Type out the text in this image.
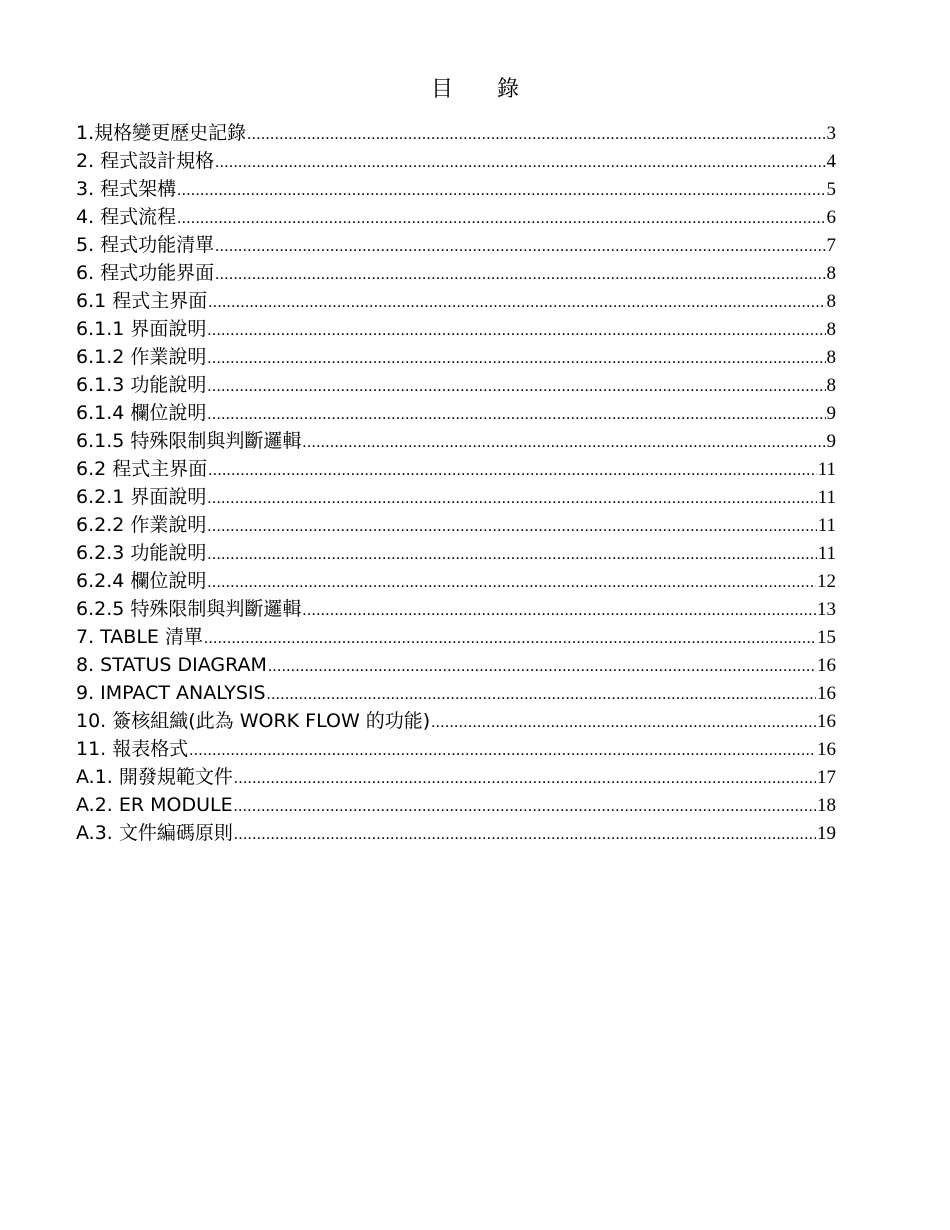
目　　錄
1.規格變更歷史記錄 .....	3
2. 程式設計規格 .....	4
3. 程式架構 .....	5
4. 程式流程 .....	6
5. 程式功能清單 .....	7
6. 程式功能界面 .....	8
6.1 程式主界面 .....	8
6.1.1 界面說明 .....	8
6.1.2 作業說明 .....	8
6.1.3 功能說明 .....	8
6.1.4 欄位說明 .....	9
6.1.5 特殊限制與判斷邏輯 .....	9
6.2 程式主界面 .....	11
6.2.1 界面說明 .....	11
6.2.2 作業說明 .....	11
6.2.3 功能說明 .....	11
6.2.4 欄位說明 .....	12
6.2.5 特殊限制與判斷邏輯 .....	13
7. TABLE 清單 .....	15
8. STATUS DIAGRAM .....	16
9. IMPACT ANALYSIS .....	16
10. 簽核組織(此為 WORK FLOW 的功能) .....	16
11. 報表格式 .....	16
A.1. 開發規範文件 .....	17
A.2. ER MODULE .....	18
A.3. 文件編碼原則 .....	19
